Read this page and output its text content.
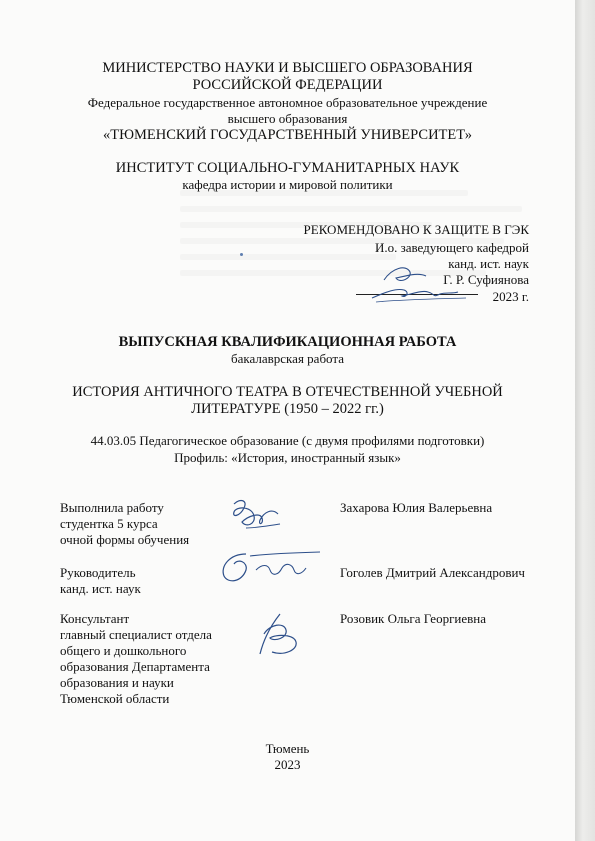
МИНИСТЕРСТВО НАУКИ И ВЫСШЕГО ОБРАЗОВАНИЯ
РОССИЙСКОЙ ФЕДЕРАЦИИ
Федеральное государственное автономное образовательное учреждение
высшего образования
«ТЮМЕНСКИЙ ГОСУДАРСТВЕННЫЙ УНИВЕРСИТЕТ»
ИНСТИТУТ СОЦИАЛЬНО-ГУМАНИТАРНЫХ НАУК
кафедра истории и мировой политики
РЕКОМЕНДОВАНО К ЗАЩИТЕ В ГЭК
И.о. заведующего кафедрой
канд. ист. наук
Г. Р. Суфиянова
2023 г.
ВЫПУСКНАЯ КВАЛИФИКАЦИОННАЯ РАБОТА
бакалаврская работа
ИСТОРИЯ АНТИЧНОГО ТЕАТРА В ОТЕЧЕСТВЕННОЙ УЧЕБНОЙ
ЛИТЕРАТУРЕ (1950 – 2022 гг.)
44.03.05 Педагогическое образование (с двумя профилями подготовки)
Профиль: «История, иностранный язык»
Выполнила работу
студентка 5 курса
очной формы обучения
Захарова Юлия Валерьевна
Руководитель
канд. ист. наук
Гоголев Дмитрий Александрович
Консультант
главный специалист отдела
общего и дошкольного
образования Департамента
образования и науки
Тюменской области
Розовик Ольга Георгиевна
Тюмень
2023
